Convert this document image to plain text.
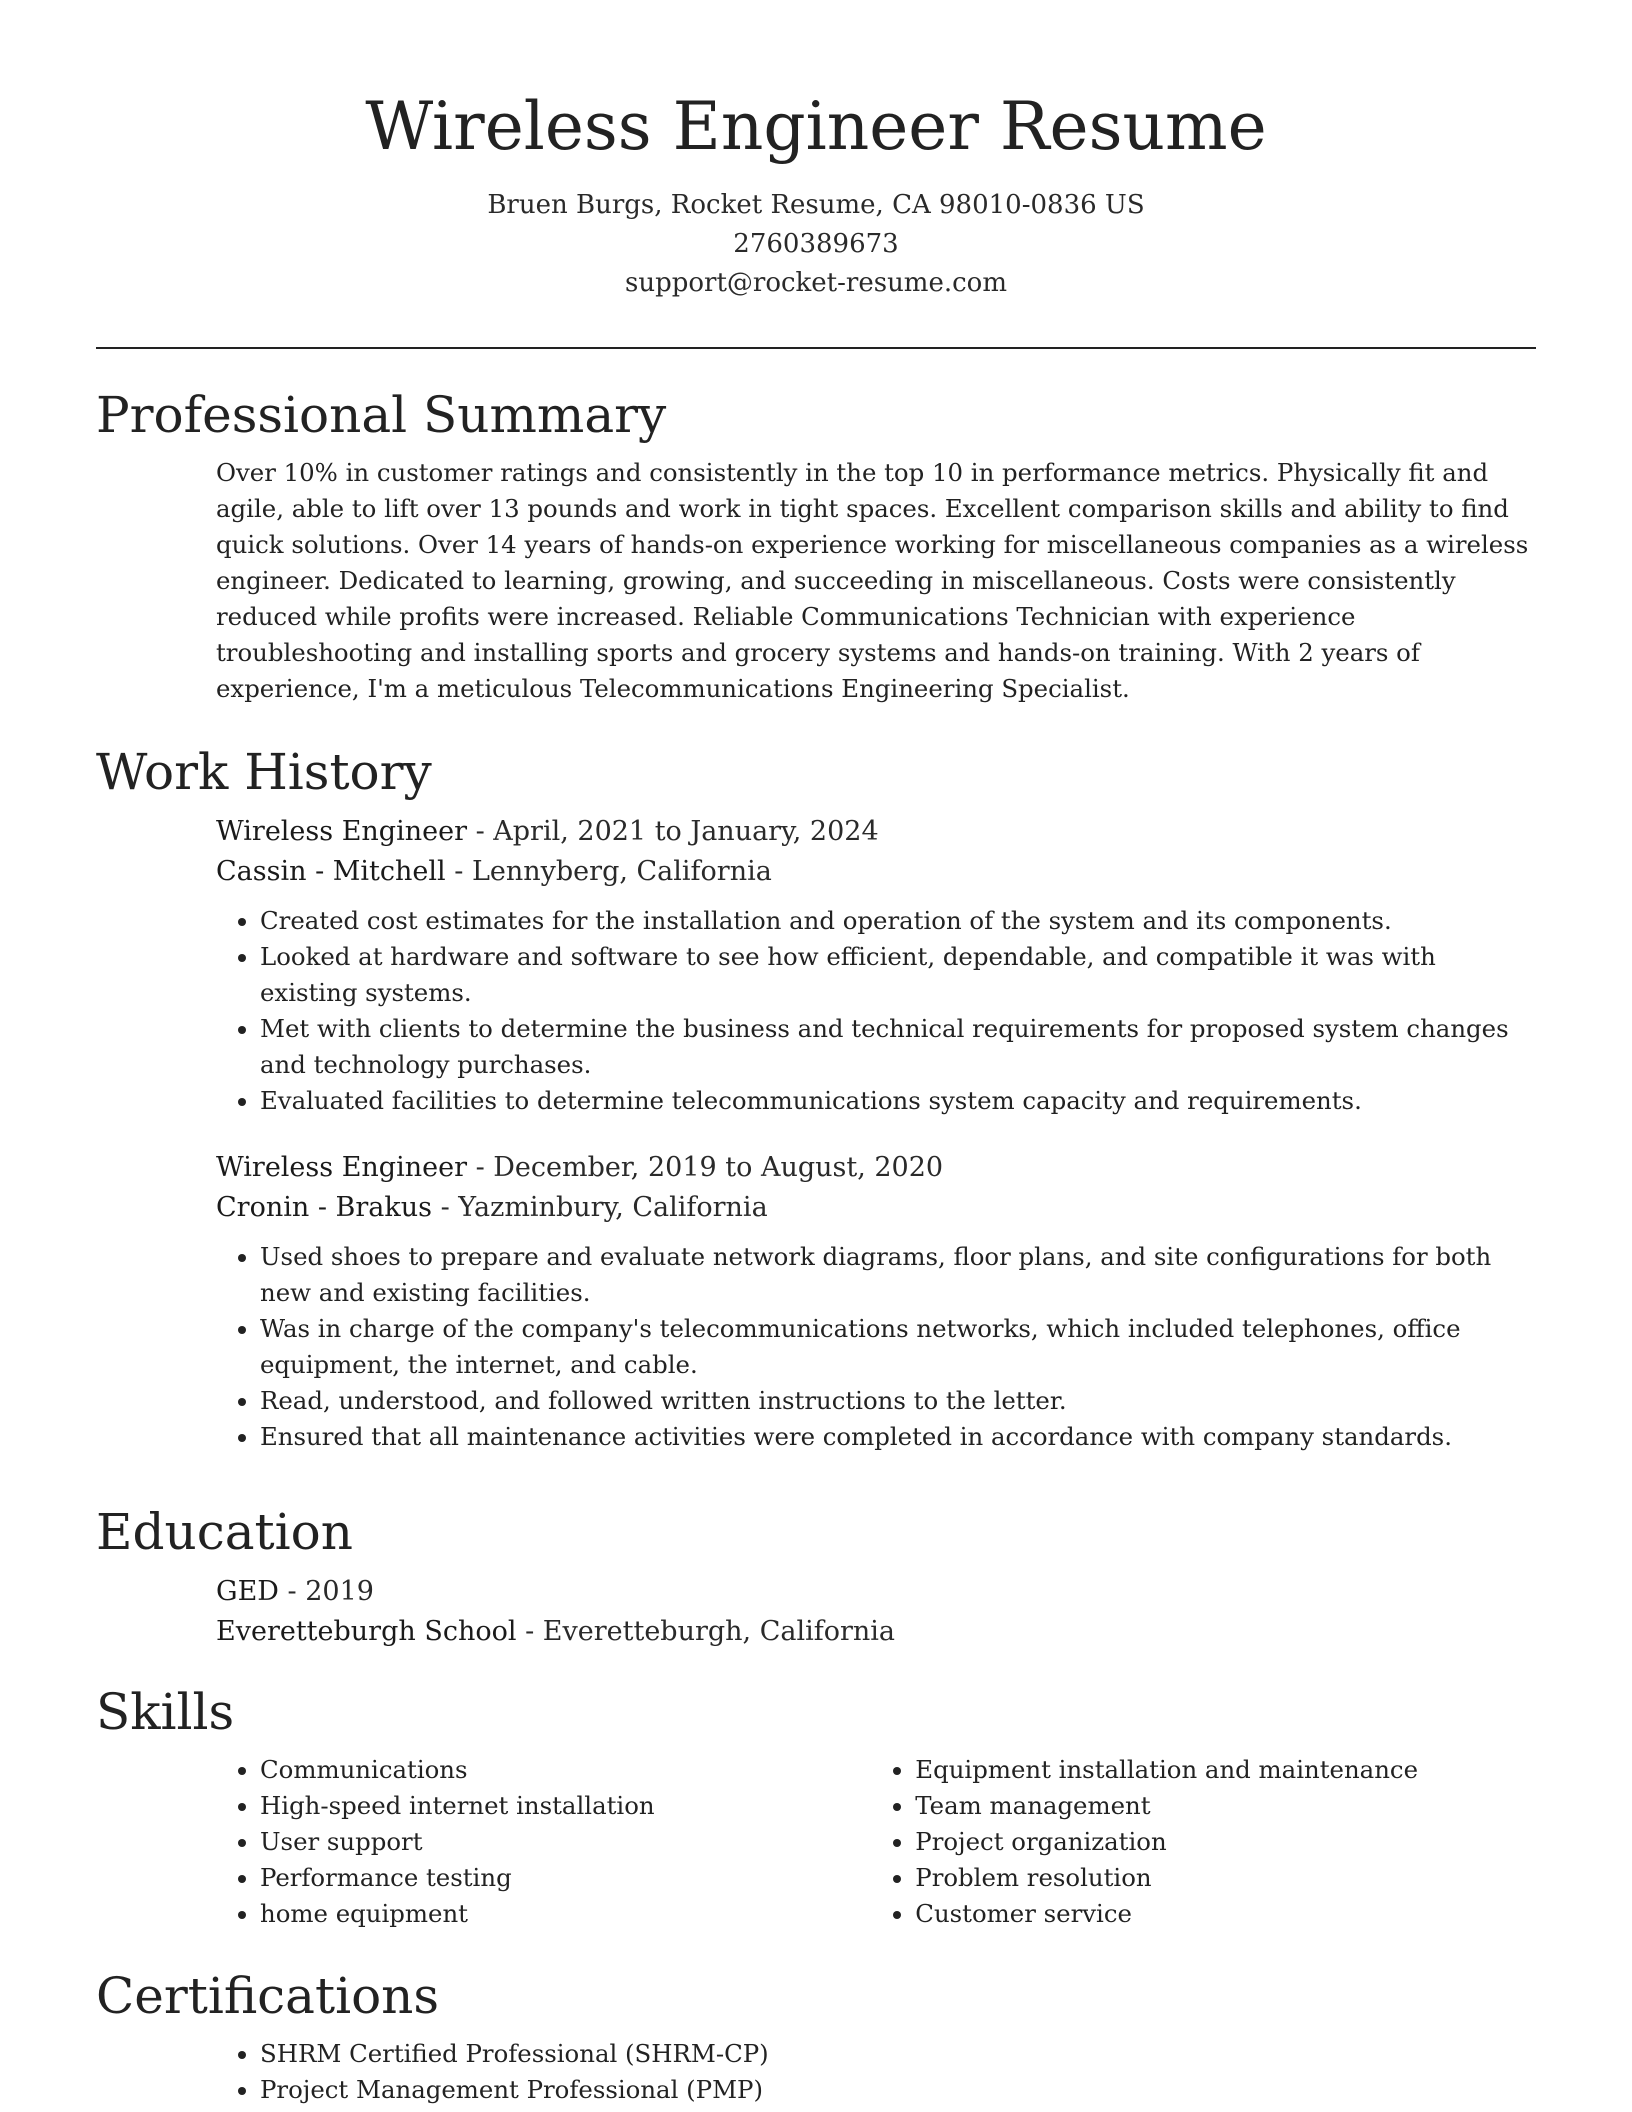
Wireless Engineer Resume

Bruen Burgs, Rocket Resume, CA 98010-0836 US

2760389673

support@rocket-resume.com

Professional Summary

Over 10% in customer ratings and consistently in the top 10 in performance metrics. Physically fit and agile, able to lift over 13 pounds and work in tight spaces. Excellent comparison skills and ability to find quick solutions. Over 14 years of hands-on experience working for miscellaneous companies as a wireless engineer. Dedicated to learning, growing, and succeeding in miscellaneous. Costs were consistently reduced while profits were increased. Reliable Communications Technician with experience troubleshooting and installing sports and grocery systems and hands-on training. With 2 years of experience, I'm a meticulous Telecommunications Engineering Specialist.

Work History

Wireless Engineer - April, 2021 to January, 2024

Cassin - Mitchell - Lennyberg, California

• Created cost estimates for the installation and operation of the system and its components.
• Looked at hardware and software to see how efficient, dependable, and compatible it was with existing systems.
• Met with clients to determine the business and technical requirements for proposed system changes and technology purchases.
• Evaluated facilities to determine telecommunications system capacity and requirements.

Wireless Engineer - December, 2019 to August, 2020

Cronin - Brakus - Yazminbury, California

• Used shoes to prepare and evaluate network diagrams, floor plans, and site configurations for both new and existing facilities.
• Was in charge of the company's telecommunications networks, which included telephones, office equipment, the internet, and cable.
• Read, understood, and followed written instructions to the letter.
• Ensured that all maintenance activities were completed in accordance with company standards.
Education

GED - 2019

Everetteburgh School - Everetteburgh, California

Skills
• Communications
• High-speed internet installation
• User support
• Performance testing
• home equipment
• Equipment installation and maintenance
• Team management
• Project organization
• Problem resolution
• Customer service
Certifications
• SHRM Certified Professional (SHRM-CP)
• Project Management Professional (PMP)
